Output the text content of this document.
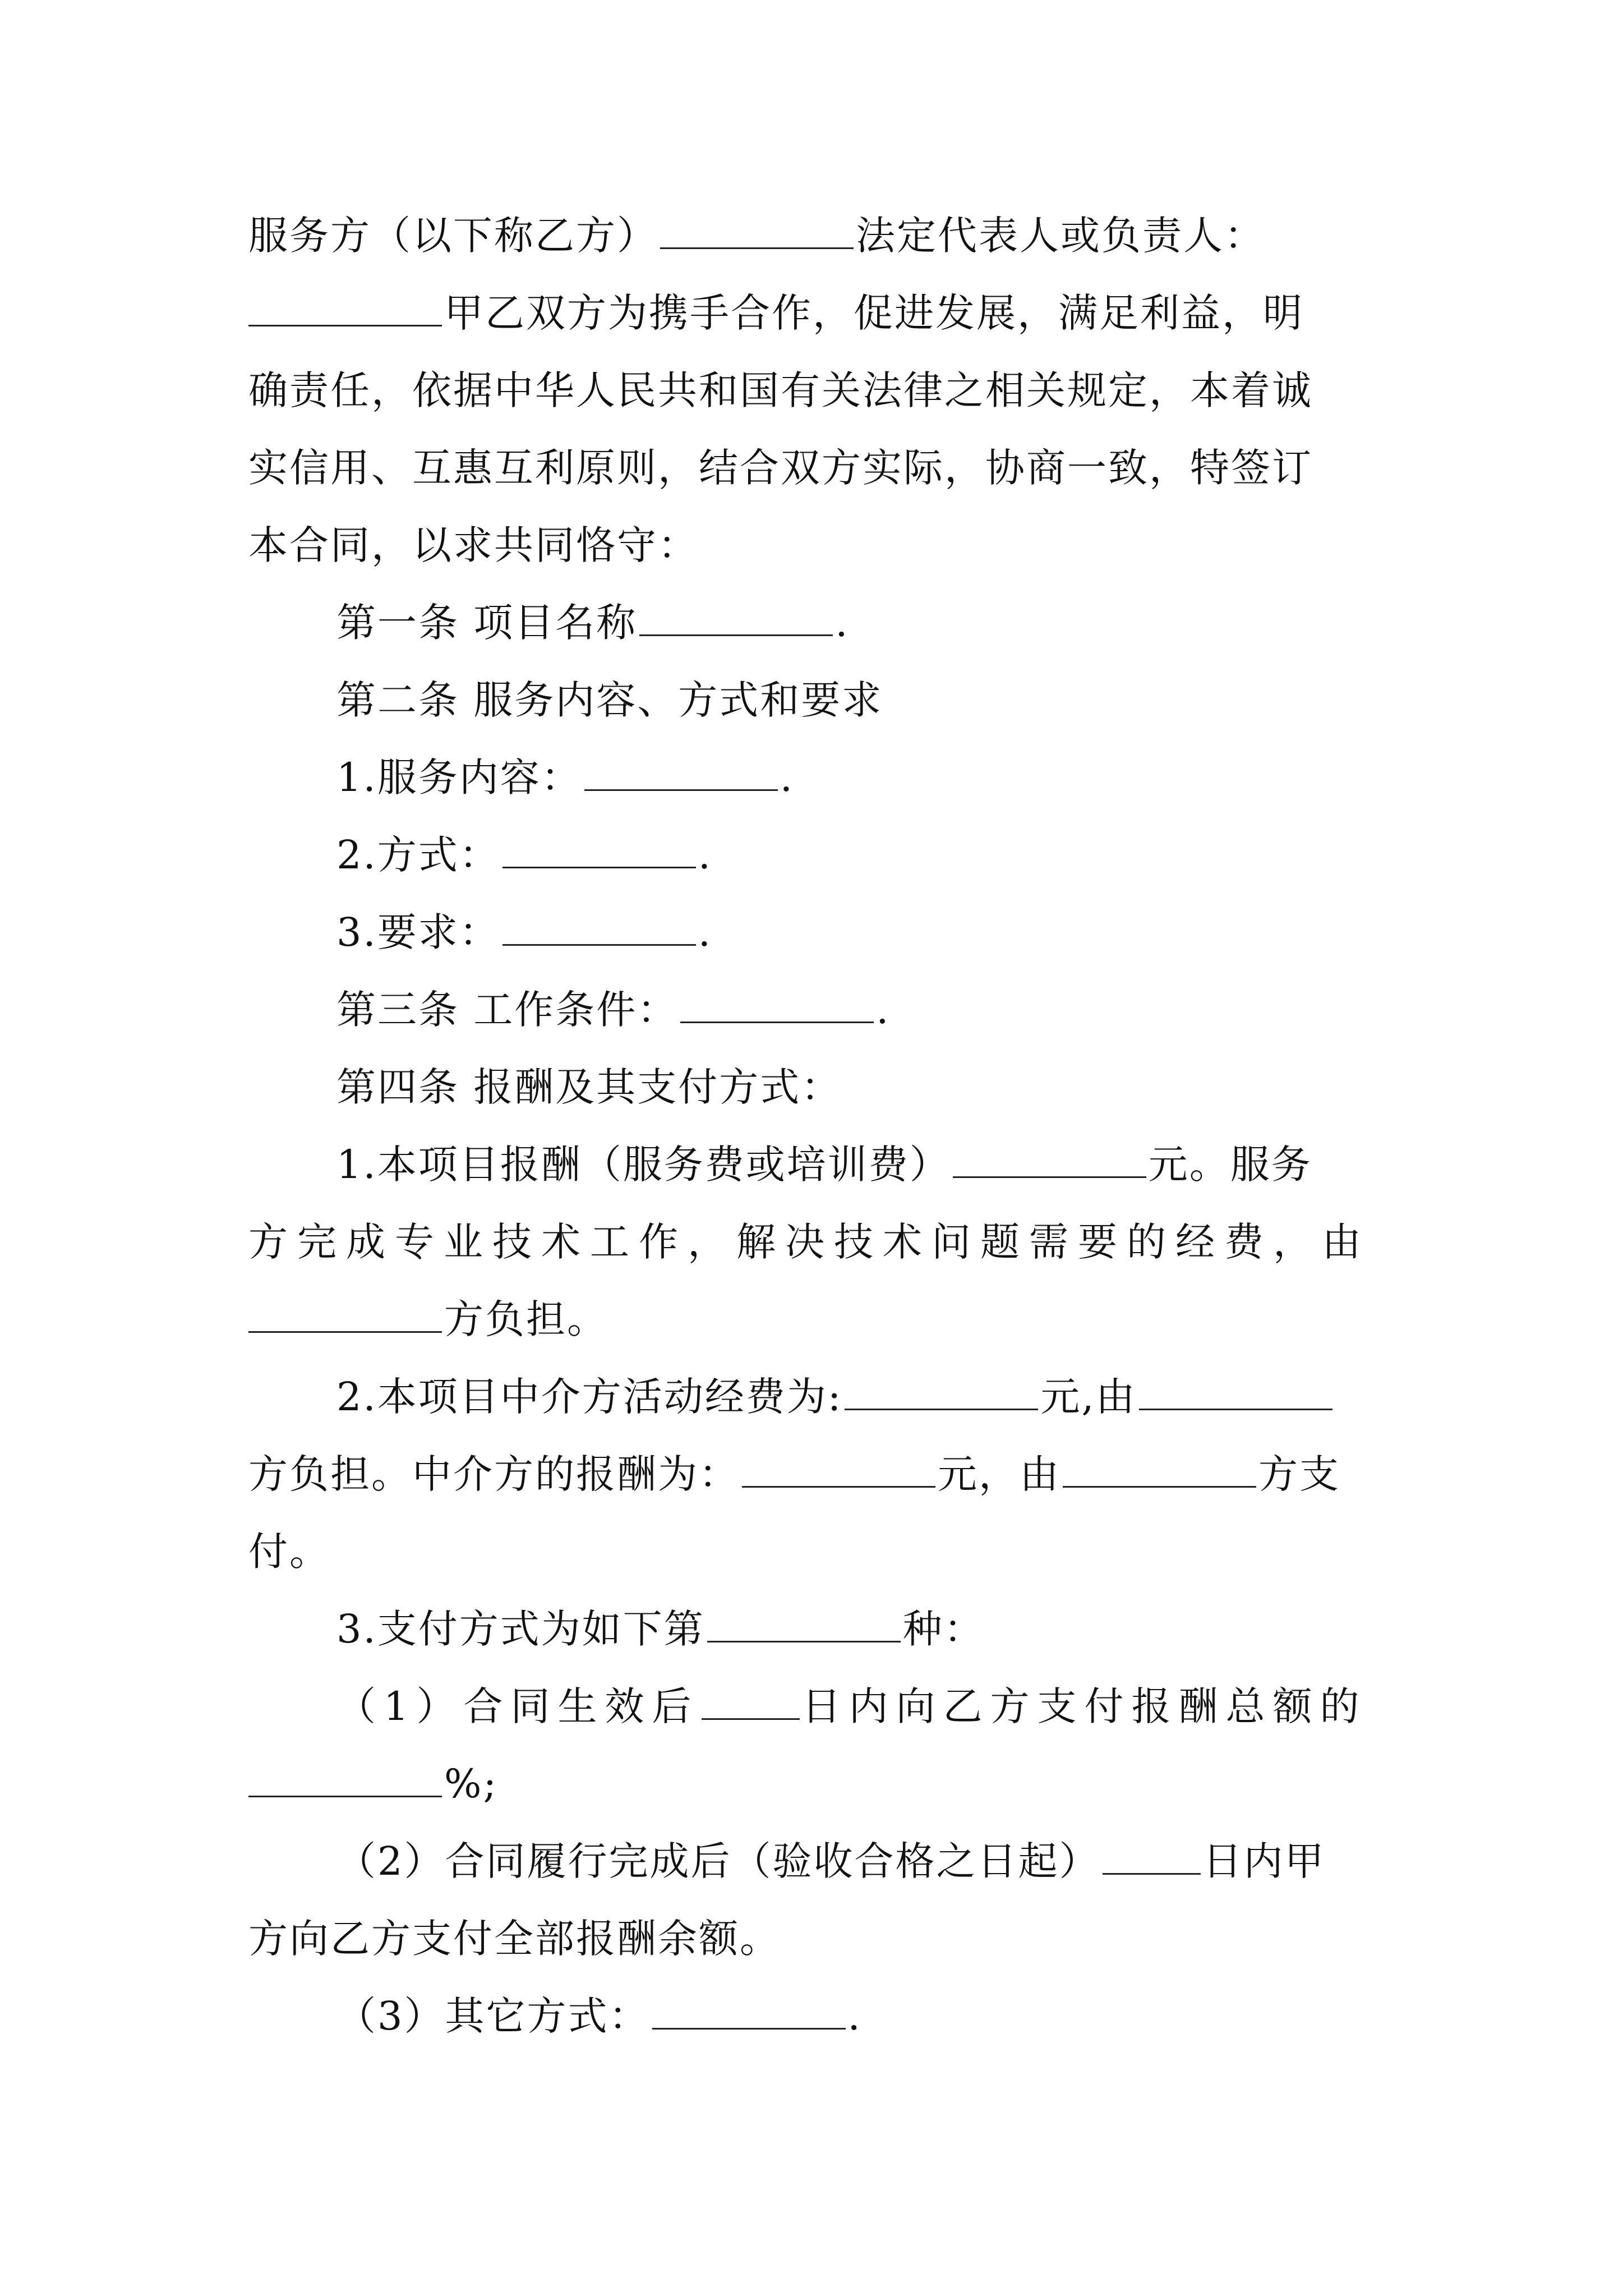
服务方（以下称乙方）	法定代表人或负责人：
甲乙双方为携手合作，促进发展，满足利益，明
确责任，依据中华人民共和国有关法律之相关规定，本着诚
实信用、互惠互利原则，结合双方实际，协商一致，特签订
本合同，以求共同恪守：
第一条 项目名称	.
第二条 服务内容、方式和要求
1.服务内容：	.
2.方式：	.
3.要求：	.
第三条 工作条件：	.
第四条 报酬及其支付方式：
1.本项目报酬（服务费或培训费）	元。服务
方完成专业技术工作，解决技术问题需要的经费，由
方负担。
2.本项目中介方活动经费为:	元,由
方负担。中介方的报酬为：	元，由	方支
付。
3.支付方式为如下第	种：
（1）合同生效后	日内向乙方支付报酬总额的
%;
（2）合同履行完成后（验收合格之日起）	日内甲
方向乙方支付全部报酬余额。
（3）其它方式：	.
